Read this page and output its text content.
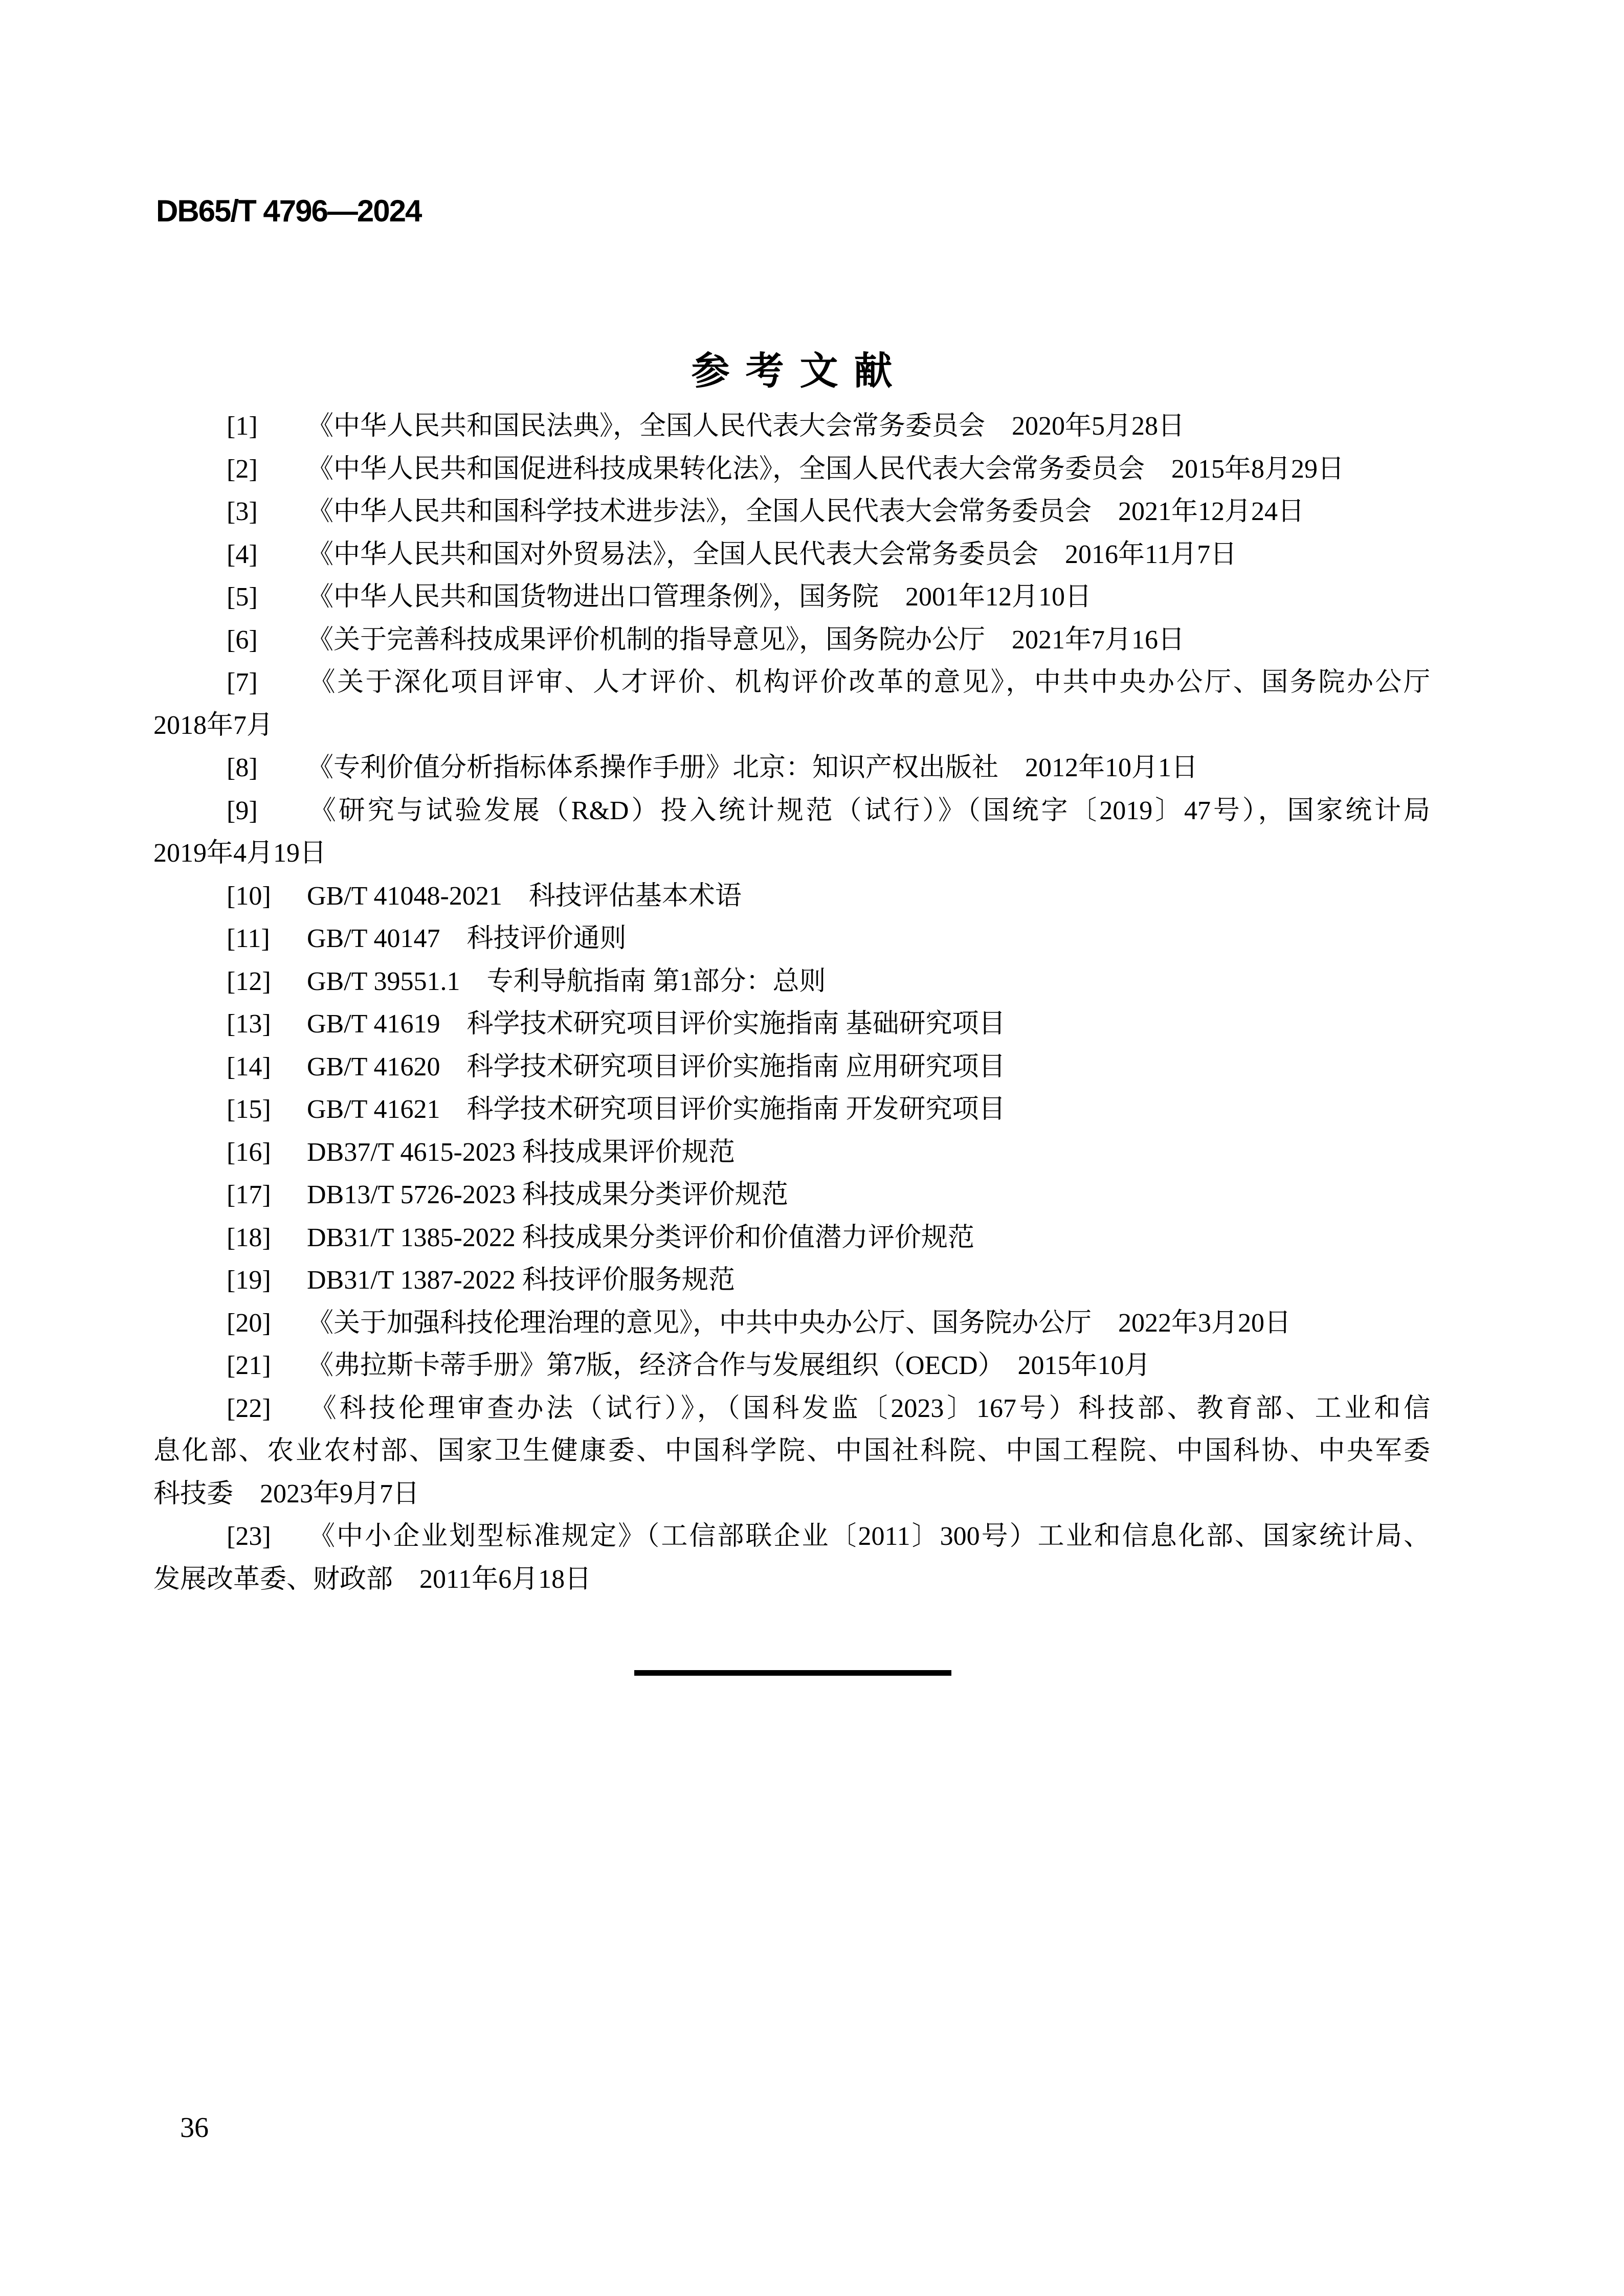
DB65/T 4796—2024
参考文献
[1] 《中华人民共和国民法典》，全国人民代表大会常务委员会　2020年5月28日
[2] 《中华人民共和国促进科技成果转化法》，全国人民代表大会常务委员会　2015年8月29日
[3] 《中华人民共和国科学技术进步法》，全国人民代表大会常务委员会　2021年12月24日
[4] 《中华人民共和国对外贸易法》，全国人民代表大会常务委员会　2016年11月7日
[5] 《中华人民共和国货物进出口管理条例》，国务院　2001年12月10日
[6] 《关于完善科技成果评价机制的指导意见》，国务院办公厅　2021年7月16日
[7] 《关于深化项目评审、人才评价、机构评价改革的意见》，中共中央办公厅、国务院办公厅
2018年7月
[8] 《专利价值分析指标体系操作手册》北京：知识产权出版社　2012年10月1日
[9] 《研究与试验发展（R&D）投入统计规范（试行）》（国统字〔2019〕47号），国家统计局
2019年4月19日
[10] GB/T 41048-2021　科技评估基本术语
[11] GB/T 40147　科技评价通则
[12] GB/T 39551.1　专利导航指南 第1部分：总则
[13] GB/T 41619　科学技术研究项目评价实施指南 基础研究项目
[14] GB/T 41620　科学技术研究项目评价实施指南 应用研究项目
[15] GB/T 41621　科学技术研究项目评价实施指南 开发研究项目
[16] DB37/T 4615-2023 科技成果评价规范
[17] DB13/T 5726-2023 科技成果分类评价规范
[18] DB31/T 1385-2022 科技成果分类评价和价值潜力评价规范
[19] DB31/T 1387-2022 科技评价服务规范
[20] 《关于加强科技伦理治理的意见》，中共中央办公厅、国务院办公厅　2022年3月20日
[21] 《弗拉斯卡蒂手册》第7版，经济合作与发展组织（OECD）　2015年10月
[22] 《科技伦理审查办法（试行）》，（国科发监〔2023〕167号）科技部、教育部、工业和信
息化部、农业农村部、国家卫生健康委、中国科学院、中国社科院、中国工程院、中国科协、中央军委
科技委　2023年9月7日
[23] 《中小企业划型标准规定》（工信部联企业〔2011〕300号）工业和信息化部、国家统计局、
发展改革委、财政部　2011年6月18日
36
